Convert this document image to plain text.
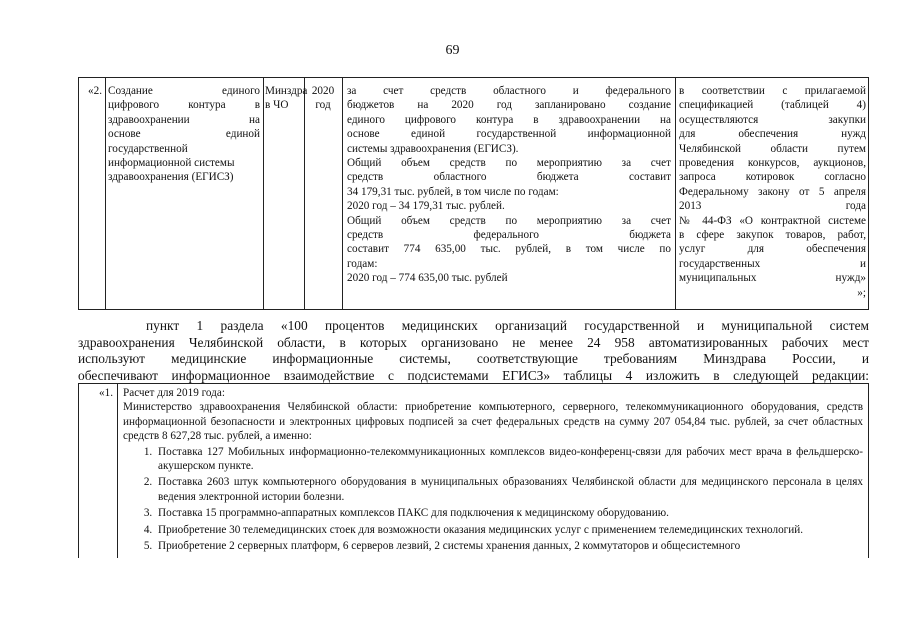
69
«2. Создание единого

цифрового контура в

здравоохранении на

основе единой

государственной

информационной системы

здравоохранения (ЕГИСЗ)

Минздра

в ЧО

2020

год

за счет средств областного и федерального

бюджетов на 2020 год запланировано создание

единого цифрового контура в здравоохранении на

основе единой государственной информационной

системы здравоохранения (ЕГИСЗ).

Общий объем средств по мероприятию за счет

средств областного бюджета составит

34 179,31 тыс. рублей, в том числе по годам:

2020 год – 34 179,31 тыс. рублей.

Общий объем средств по мероприятию за счет

средств федерального бюджета

составит 774 635,00 тыс. рублей, в том числе по

годам:

2020 год – 774 635,00 тыс. рублей

в соответствии с прилагаемой

спецификацией (таблицей 4)

осуществляются закупки

для обеспечения нужд

Челябинской области путем

проведения конкурсов, аукционов,

запроса котировок согласно

Федеральному закону от 5 апреля

2013 года

№ 44-ФЗ «О контрактной системе

в сфере закупок товаров, работ,

услуг для обеспечения

государственных и

муниципальных нужд»

»;

пункт 1 раздела «100 процентов медицинских организаций государственной и муниципальной систем

здравоохранения Челябинской области, в которых организовано не менее 24 958 автоматизированных рабочих мест

используют медицинские информационные системы, соответствующие требованиям Минздрава России, и

обеспечивают информационное взаимодействие с подсистемами ЕГИСЗ» таблицы 4 изложить в следующей редакции:

«1. Расчет для 2019 года:

Министерство здравоохранения Челябинской области: приобретение компьютерного, серверного, телекоммуникационного оборудования, средств информационной безопасности и электронных цифровых подписей за счет федеральных средств на сумму 207 054,84 тыс. рублей, за счет областных средств 8 627,28 тыс. рублей, а именно:

1. Поставка 127 Мобильных информационно-телекоммуникационных комплексов видео-конференц-связи для рабочих мест врача в фельдшерско-акушерском пункте.
2. Поставка 2603 штук компьютерного оборудования в муниципальных образованиях Челябинской области для медицинского персонала в целях ведения электронной истории болезни.
3. Поставка 15 программно-аппаратных комплексов ПАКС для подключения к медицинскому оборудованию.
4. Приобретение 30 телемедицинских стоек для возможности оказания медицинских услуг с применением телемедицинских технологий.
5. Приобретение 2 серверных платформ, 6 серверов лезвий, 2 системы хранения данных, 2 коммутаторов и общесистемного
